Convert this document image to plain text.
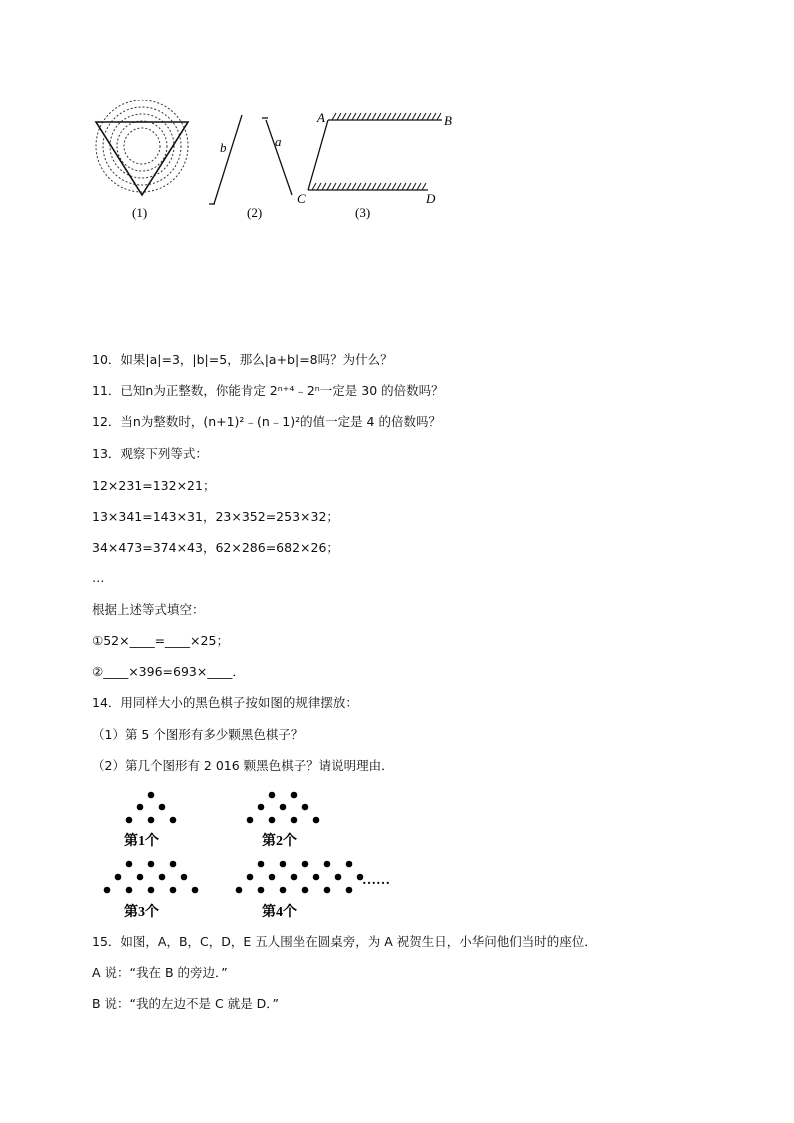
(1)
b	a
(2)
A	B
C	D
(3)
10．如果|a|=3，|b|=5，那么|a+b|=8吗？为什么？
11．已知n为正整数，你能肯定 2ⁿ⁺⁴﹣2ⁿ一定是 30 的倍数吗？
12．当n为整数时，(n+1)²﹣(n﹣1)²的值一定是 4 的倍数吗？
13．观察下列等式：
12×231=132×21；
13×341=143×31，23×352=253×32；
34×473=374×43，62×286=682×26；
…
根据上述等式填空：
①52×____=____×25；
②____×396=693×____．
14．用同样大小的黑色棋子按如图的规律摆放：
（1）第 5 个图形有多少颗黑色棋子？
（2）第几个图形有 2 016 颗黑色棋子？请说明理由．
第1个	第2个
第3个	第4个
……
15．如图，A，B，C，D，E 五人围坐在圆桌旁，为 A 祝贺生日，小华问他们当时的座位．
A 说：“我在 B 的旁边．”
B 说：“我的左边不是 C 就是 D．”
